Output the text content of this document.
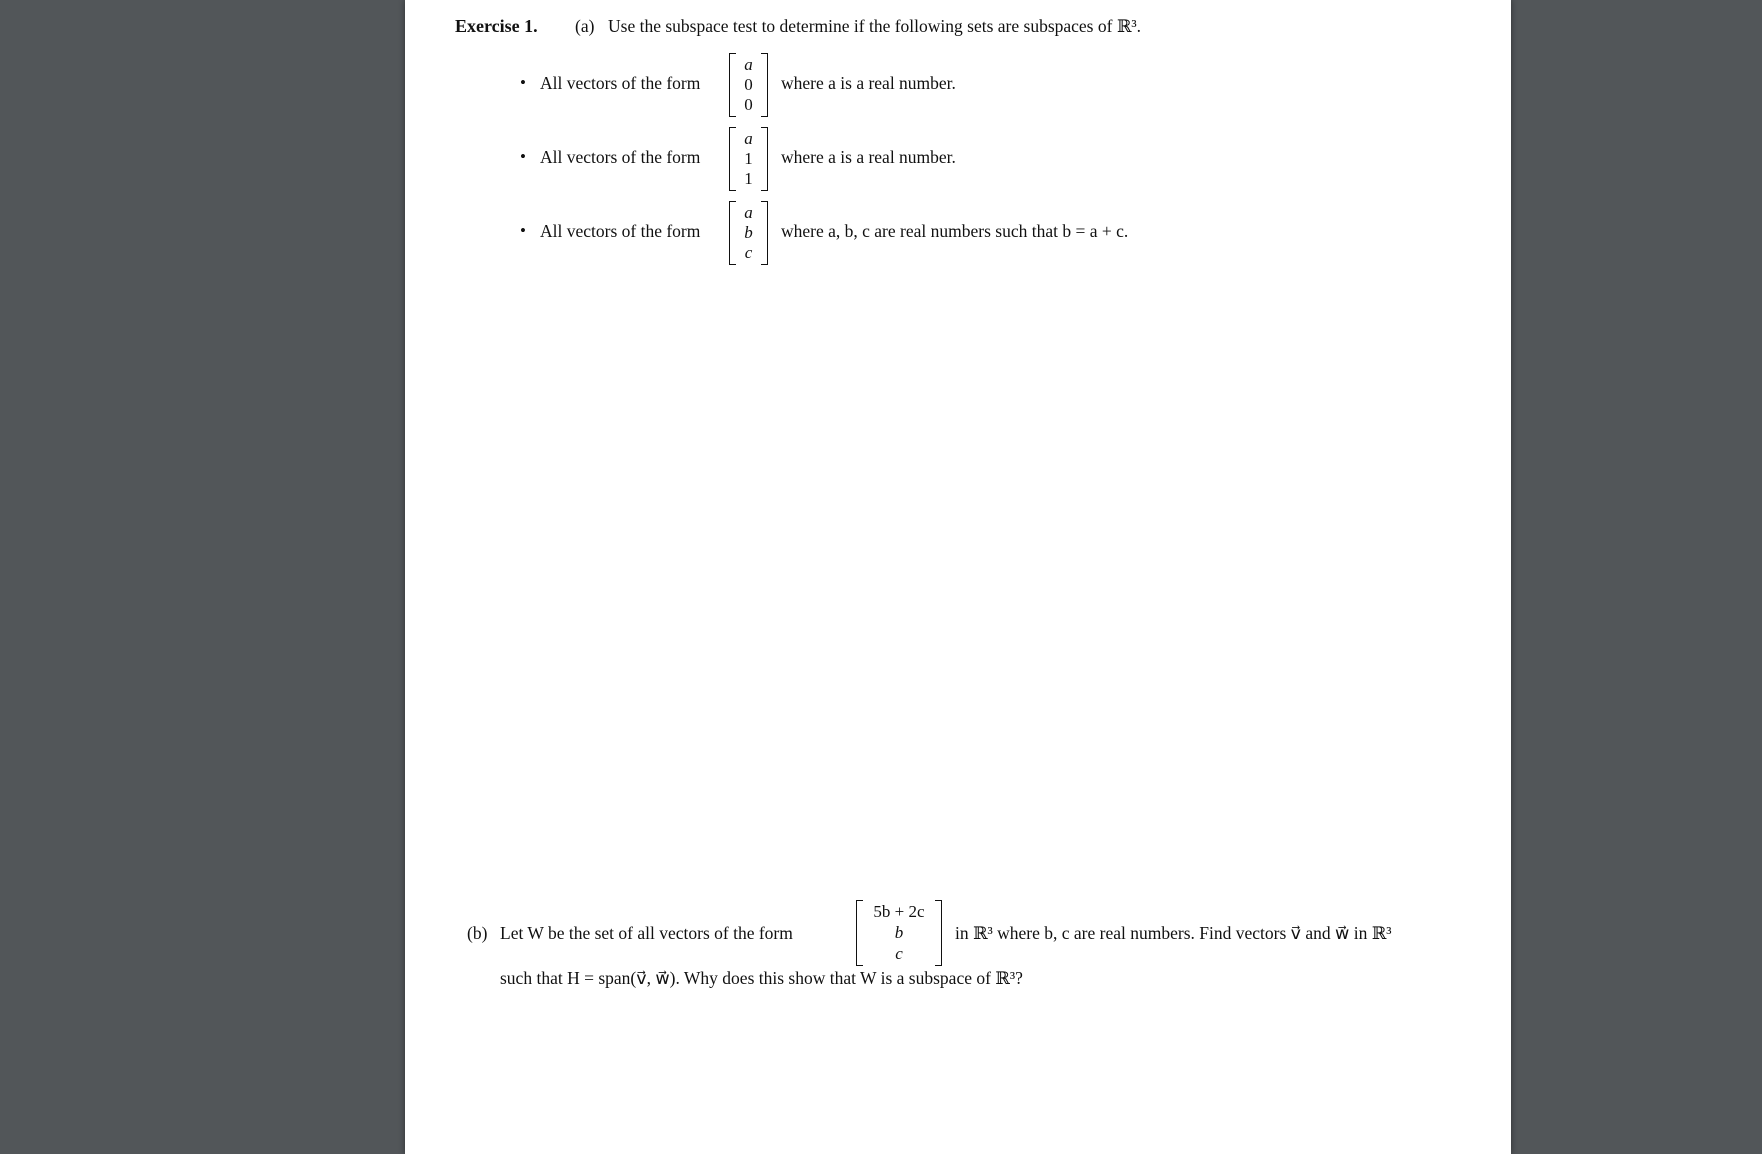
Exercise 1. (a) Use the subspace test to determine if the following sets are subspaces of ℝ³.
• All vectors of the form
a
0
0
where a is a real number.
• All vectors of the form
a
1
1
where a is a real number.
• All vectors of the form
a
b
c
where a, b, c are real numbers such that b = a + c.
(b) Let W be the set of all vectors of the form
5b + 2c
b
c
in ℝ³ where b, c are real numbers. Find vectors v⃗ and w⃗ in ℝ³
such that H = span(v⃗, w⃗). Why does this show that W is a subspace of ℝ³?
